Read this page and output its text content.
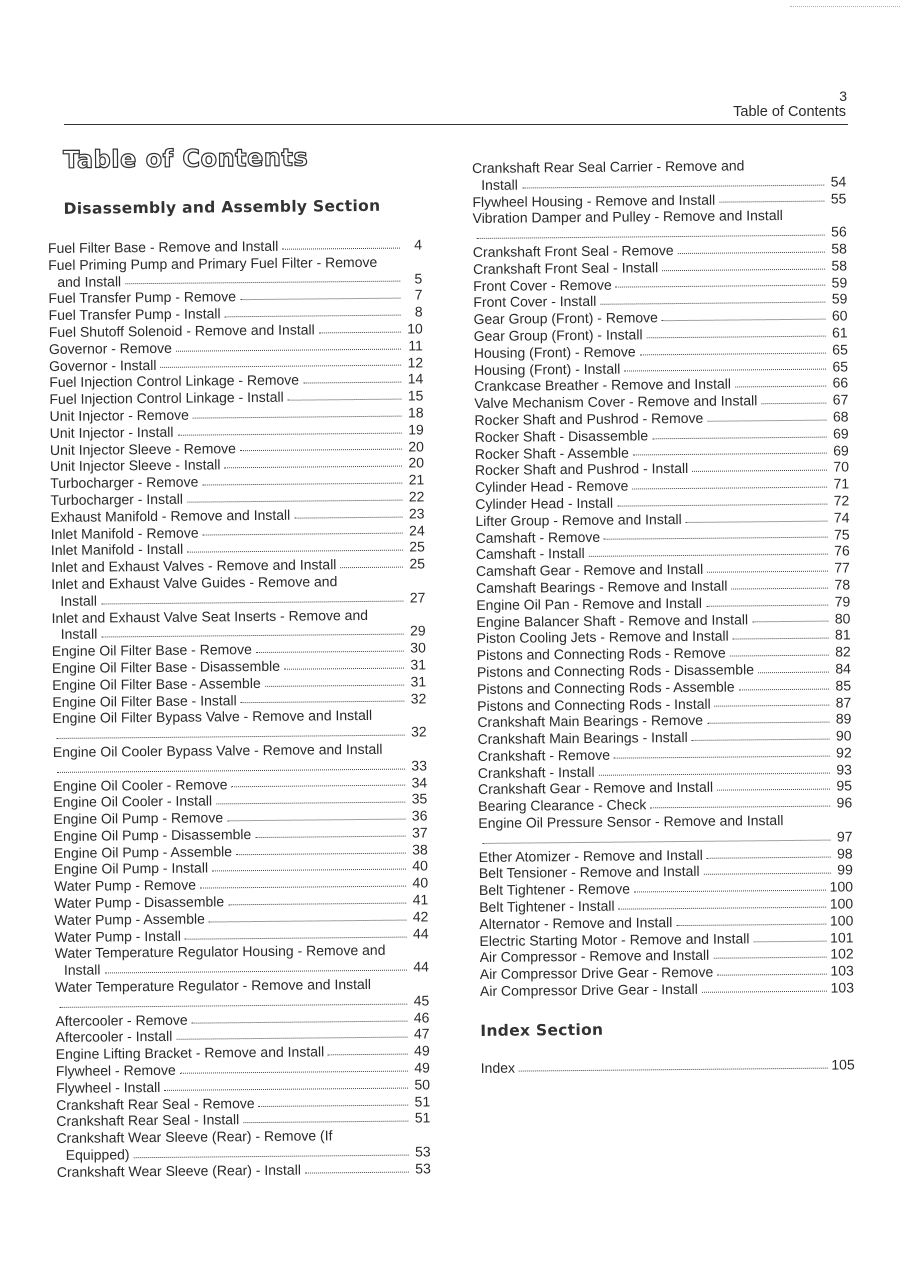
3
Table of Contents
Table of Contents
Disassembly and Assembly Section
Fuel Filter Base - Remove and Install	4
Fuel Priming Pump and Primary Fuel Filter - Remove
and Install	5
Fuel Transfer Pump - Remove	7
Fuel Transfer Pump - Install	8
Fuel Shutoff Solenoid - Remove and Install	10
Governor - Remove	11
Governor - Install	12
Fuel Injection Control Linkage - Remove	14
Fuel Injection Control Linkage - Install	15
Unit Injector - Remove	18
Unit Injector - Install	19
Unit Injector Sleeve - Remove	20
Unit Injector Sleeve - Install	20
Turbocharger - Remove	21
Turbocharger - Install	22
Exhaust Manifold - Remove and Install	23
Inlet Manifold - Remove	24
Inlet Manifold - Install	25
Inlet and Exhaust Valves - Remove and Install	25
Inlet and Exhaust Valve Guides - Remove and
Install	27
Inlet and Exhaust Valve Seat Inserts - Remove and
Install	29
Engine Oil Filter Base - Remove	30
Engine Oil Filter Base - Disassemble	31
Engine Oil Filter Base - Assemble	31
Engine Oil Filter Base - Install	32
Engine Oil Filter Bypass Valve - Remove and Install
32
Engine Oil Cooler Bypass Valve - Remove and Install
33
Engine Oil Cooler - Remove	34
Engine Oil Cooler - Install	35
Engine Oil Pump - Remove	36
Engine Oil Pump - Disassemble	37
Engine Oil Pump - Assemble	38
Engine Oil Pump - Install	40
Water Pump - Remove	40
Water Pump - Disassemble	41
Water Pump - Assemble	42
Water Pump - Install	44
Water Temperature Regulator Housing - Remove and
Install	44
Water Temperature Regulator - Remove and Install
45
Aftercooler - Remove	46
Aftercooler - Install	47
Engine Lifting Bracket - Remove and Install	49
Flywheel - Remove	49
Flywheel - Install	50
Crankshaft Rear Seal - Remove	51
Crankshaft Rear Seal - Install	51
Crankshaft Wear Sleeve (Rear) - Remove (If
Equipped)	53
Crankshaft Wear Sleeve (Rear) - Install	53
Crankshaft Rear Seal Carrier - Remove and
Install	54
Flywheel Housing - Remove and Install	55
Vibration Damper and Pulley - Remove and Install
56
Crankshaft Front Seal - Remove	58
Crankshaft Front Seal - Install	58
Front Cover - Remove	59
Front Cover - Install	59
Gear Group (Front) - Remove	60
Gear Group (Front) - Install	61
Housing (Front) - Remove	65
Housing (Front) - Install	65
Crankcase Breather - Remove and Install	66
Valve Mechanism Cover - Remove and Install	67
Rocker Shaft and Pushrod - Remove	68
Rocker Shaft - Disassemble	69
Rocker Shaft - Assemble	69
Rocker Shaft and Pushrod - Install	70
Cylinder Head - Remove	71
Cylinder Head - Install	72
Lifter Group - Remove and Install	74
Camshaft - Remove	75
Camshaft - Install	76
Camshaft Gear - Remove and Install	77
Camshaft Bearings - Remove and Install	78
Engine Oil Pan - Remove and Install	79
Engine Balancer Shaft - Remove and Install	80
Piston Cooling Jets - Remove and Install	81
Pistons and Connecting Rods - Remove	82
Pistons and Connecting Rods - Disassemble	84
Pistons and Connecting Rods - Assemble	85
Pistons and Connecting Rods - Install	87
Crankshaft Main Bearings - Remove	89
Crankshaft Main Bearings - Install	90
Crankshaft - Remove	92
Crankshaft - Install	93
Crankshaft Gear - Remove and Install	95
Bearing Clearance - Check	96
Engine Oil Pressure Sensor - Remove and Install
97
Ether Atomizer - Remove and Install	98
Belt Tensioner - Remove and Install	99
Belt Tightener - Remove	100
Belt Tightener - Install	100
Alternator - Remove and Install	100
Electric Starting Motor - Remove and Install	101
Air Compressor - Remove and Install	102
Air Compressor Drive Gear - Remove	103
Air Compressor Drive Gear - Install	103
Index Section
Index	105
